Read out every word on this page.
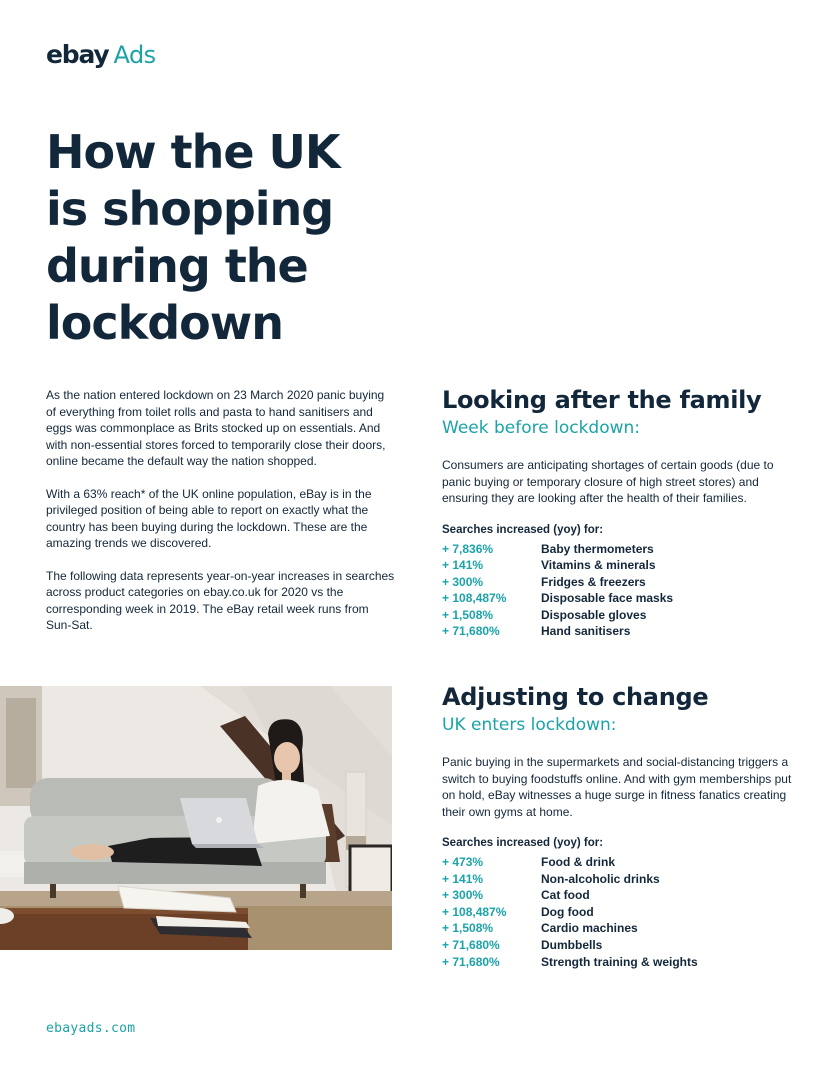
ebay Ads
How the UK is shopping during the lockdown

As the nation entered lockdown on 23 March 2020 panic buying of everything from toilet rolls and pasta to hand sanitisers and eggs was commonplace as Brits stocked up on essentials. And with non-essential stores forced to temporarily close their doors, online became the default way the nation shopped.

With a 63% reach* of the UK online population, eBay is in the privileged position of being able to report on exactly what the country has been buying during the lockdown. These are the amazing trends we discovered.

The following data represents year-on-year increases in searches across product categories on ebay.co.uk for 2020 vs the corresponding week in 2019. The eBay retail week runs from Sun-Sat.

Looking after the family
Week before lockdown:

Consumers are anticipating shortages of certain goods (due to panic buying or temporary closure of high street stores) and ensuring they are looking after the health of their families.

Searches increased (yoy) for:
+ 7,836%	Baby thermometers
+ 141%	Vitamins & minerals
+ 300%	Fridges & freezers
+ 108,487%	Disposable face masks
+ 1,508%	Disposable gloves
+ 71,680%	Hand sanitisers
Adjusting to change
UK enters lockdown:

Panic buying in the supermarkets and social-distancing triggers a switch to buying foodstuffs online. And with gym memberships put on hold, eBay witnesses a huge surge in fitness fanatics creating their own gyms at home.

Searches increased (yoy) for:
+ 473%	Food & drink
+ 141%	Non-alcoholic drinks
+ 300%	Cat food
+ 108,487%	Dog food
+ 1,508%	Cardio machines
+ 71,680%	Dumbbells
+ 71,680%	Strength training & weights
ebayads.com
